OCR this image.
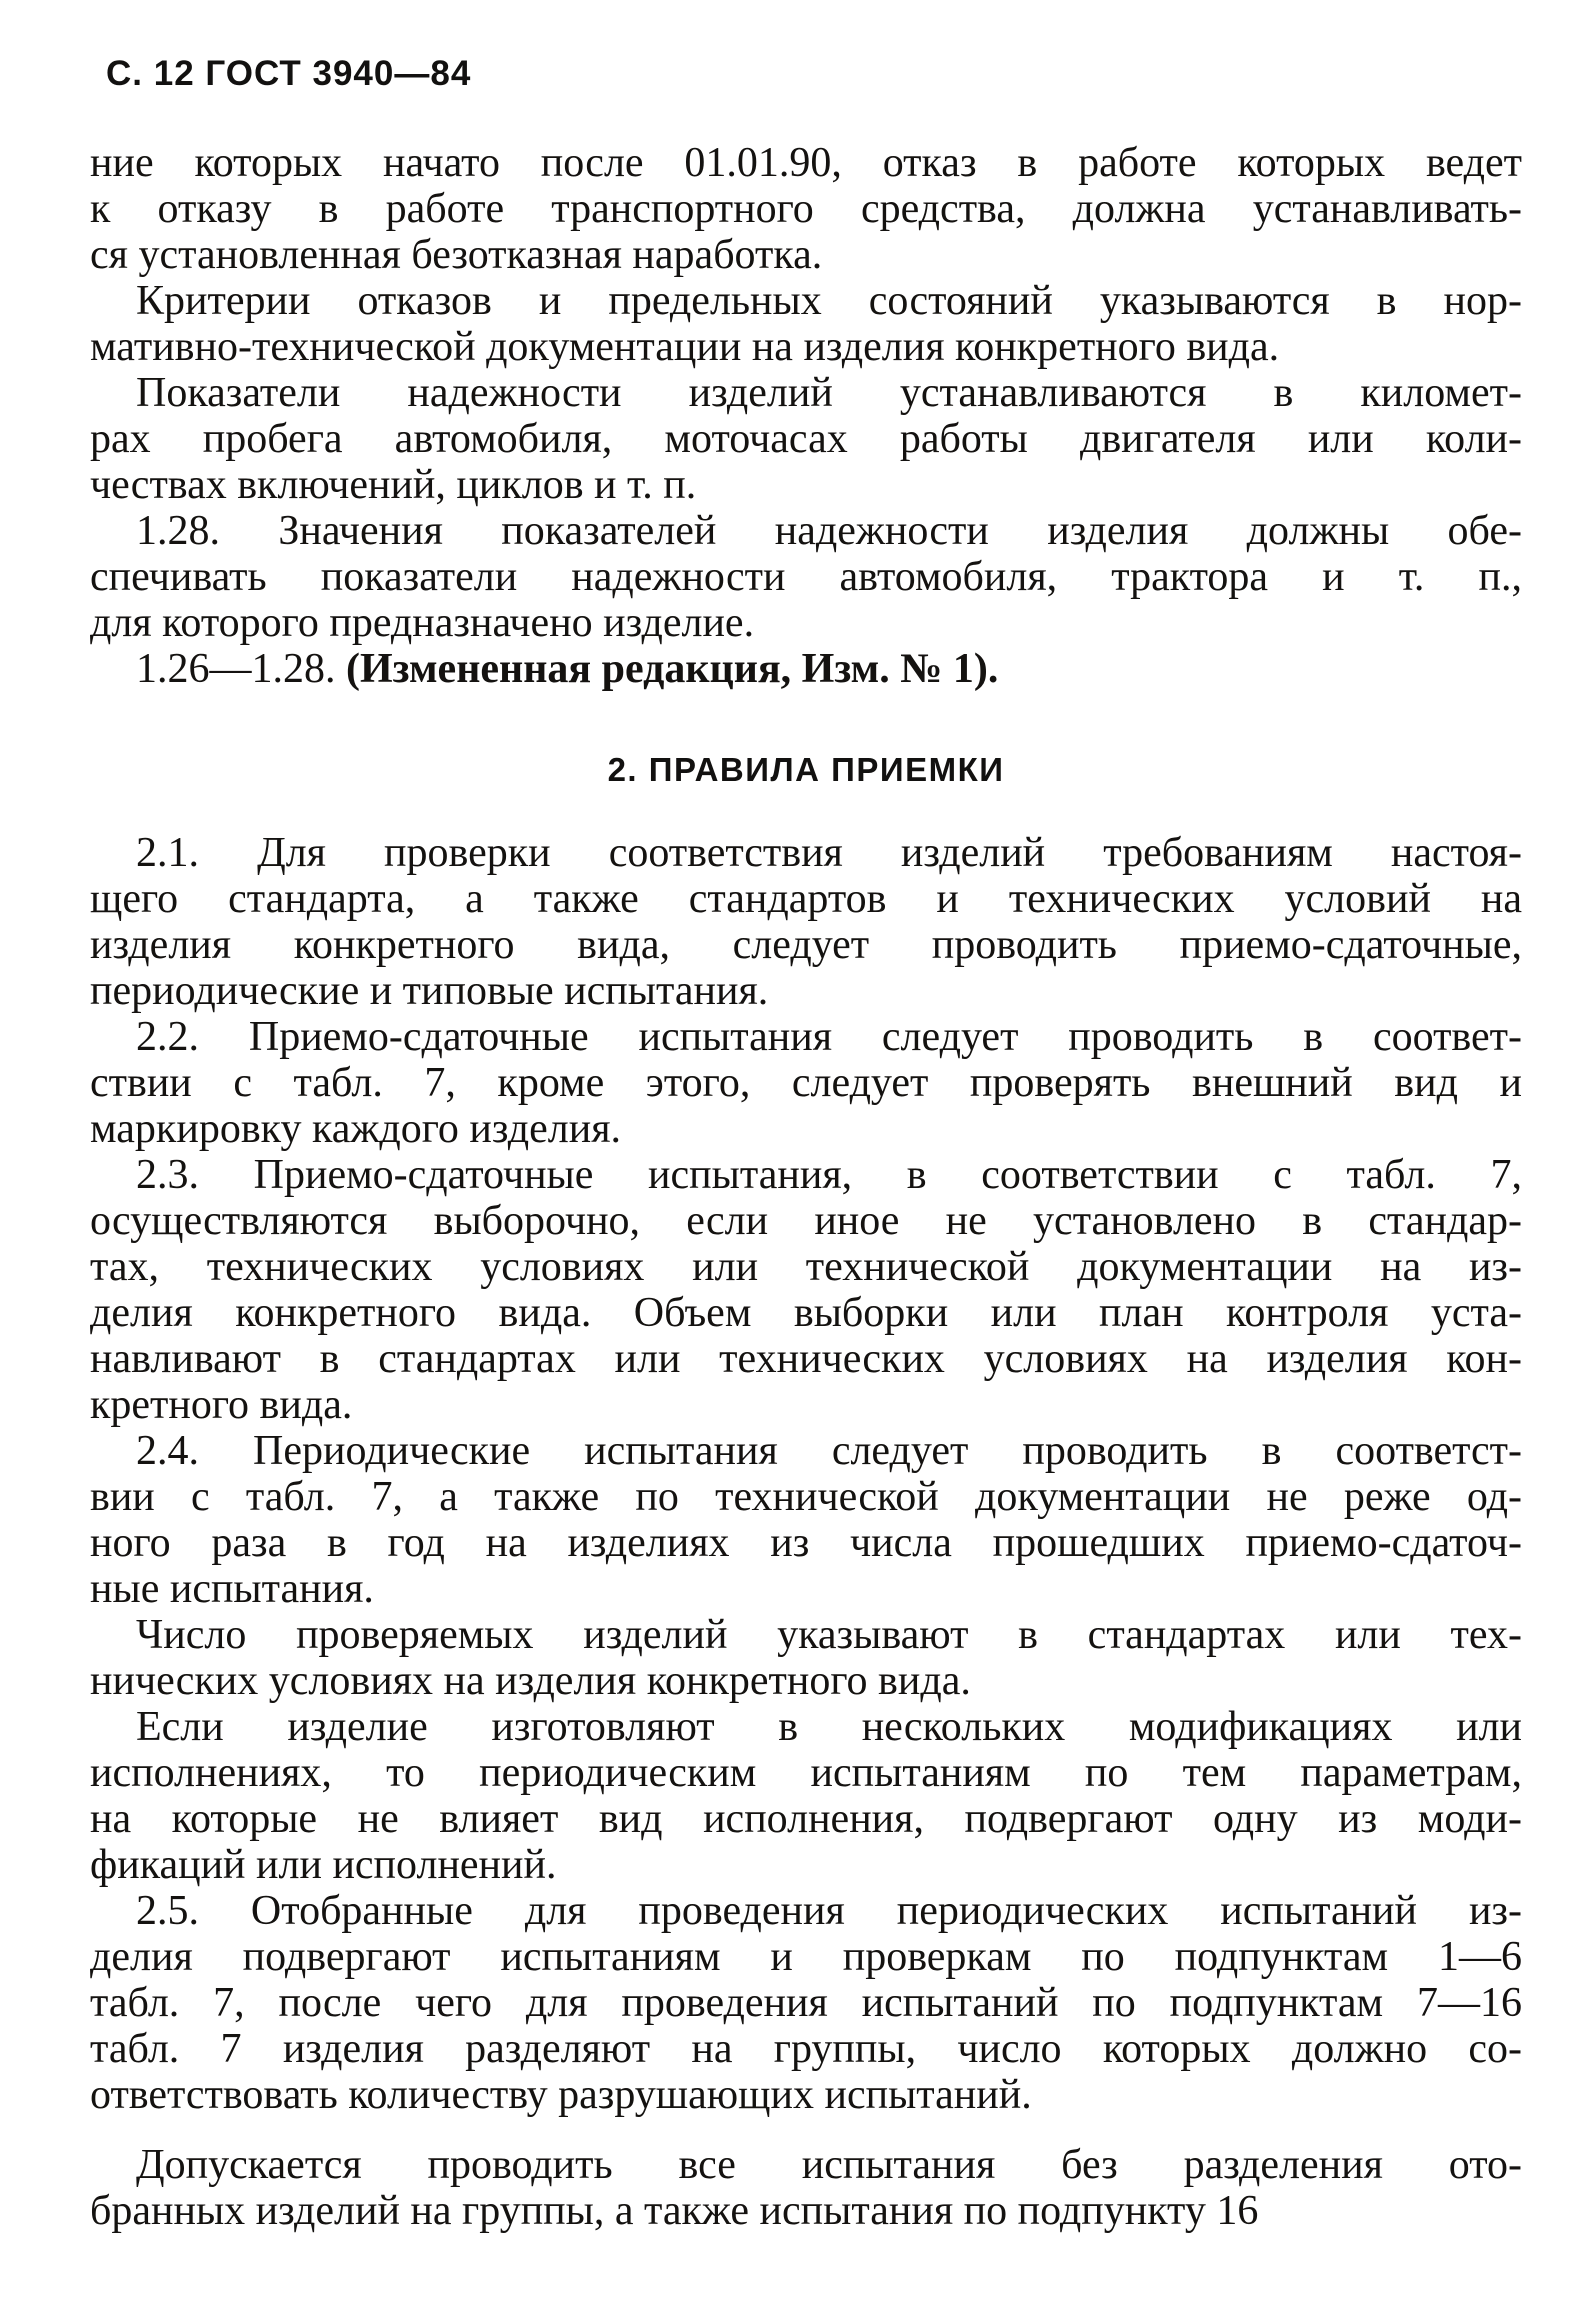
С. 12 ГОСТ 3940—84
ние которых начато после 01.01.90, отказ в работе которых ведет
к отказу в работе транспортного средства, должна устанавливать-
ся установленная безотказная наработка.
Критерии отказов и предельных состояний указываются в нор-
мативно-технической документации на изделия конкретного вида.
Показатели надежности изделий устанавливаются в километ-
рах пробега автомобиля, моточасах работы двигателя или коли-
чествах включений, циклов и т. п.
1.28. Значения показателей надежности изделия должны обе-
спечивать показатели надежности автомобиля, трактора и т. п.,
для которого предназначено изделие.
1.26—1.28. (Измененная редакция, Изм. № 1).
2. ПРАВИЛА ПРИЕМКИ
2.1. Для проверки соответствия изделий требованиям настоя-
щего стандарта, а также стандартов и технических условий на
изделия конкретного вида, следует проводить приемо-сдаточные,
периодические и типовые испытания.
2.2. Приемо-сдаточные испытания следует проводить в соответ-
ствии с табл. 7, кроме этого, следует проверять внешний вид и
маркировку каждого изделия.
2.3. Приемо-сдаточные испытания, в соответствии с табл. 7,
осуществляются выборочно, если иное не установлено в стандар-
тах, технических условиях или технической документации на из-
делия конкретного вида. Объем выборки или план контроля уста-
навливают в стандартах или технических условиях на изделия кон-
кретного вида.
2.4. Периодические испытания следует проводить в соответст-
вии с табл. 7, а также по технической документации не реже од-
ного раза в год на изделиях из числа прошедших приемо-сдаточ-
ные испытания.
Число проверяемых изделий указывают в стандартах или тех-
нических условиях на изделия конкретного вида.
Если изделие изготовляют в нескольких модификациях или
исполнениях, то периодическим испытаниям по тем параметрам,
на которые не влияет вид исполнения, подвергают одну из моди-
фикаций или исполнений.
2.5. Отобранные для проведения периодических испытаний из-
делия подвергают испытаниям и проверкам по подпунктам 1—6
табл. 7, после чего для проведения испытаний по подпунктам 7—16
табл. 7 изделия разделяют на группы, число которых должно со-
ответствовать количеству разрушающих испытаний.
Допускается проводить все испытания без разделения ото-
бранных изделий на группы, а также испытания по подпункту 16
